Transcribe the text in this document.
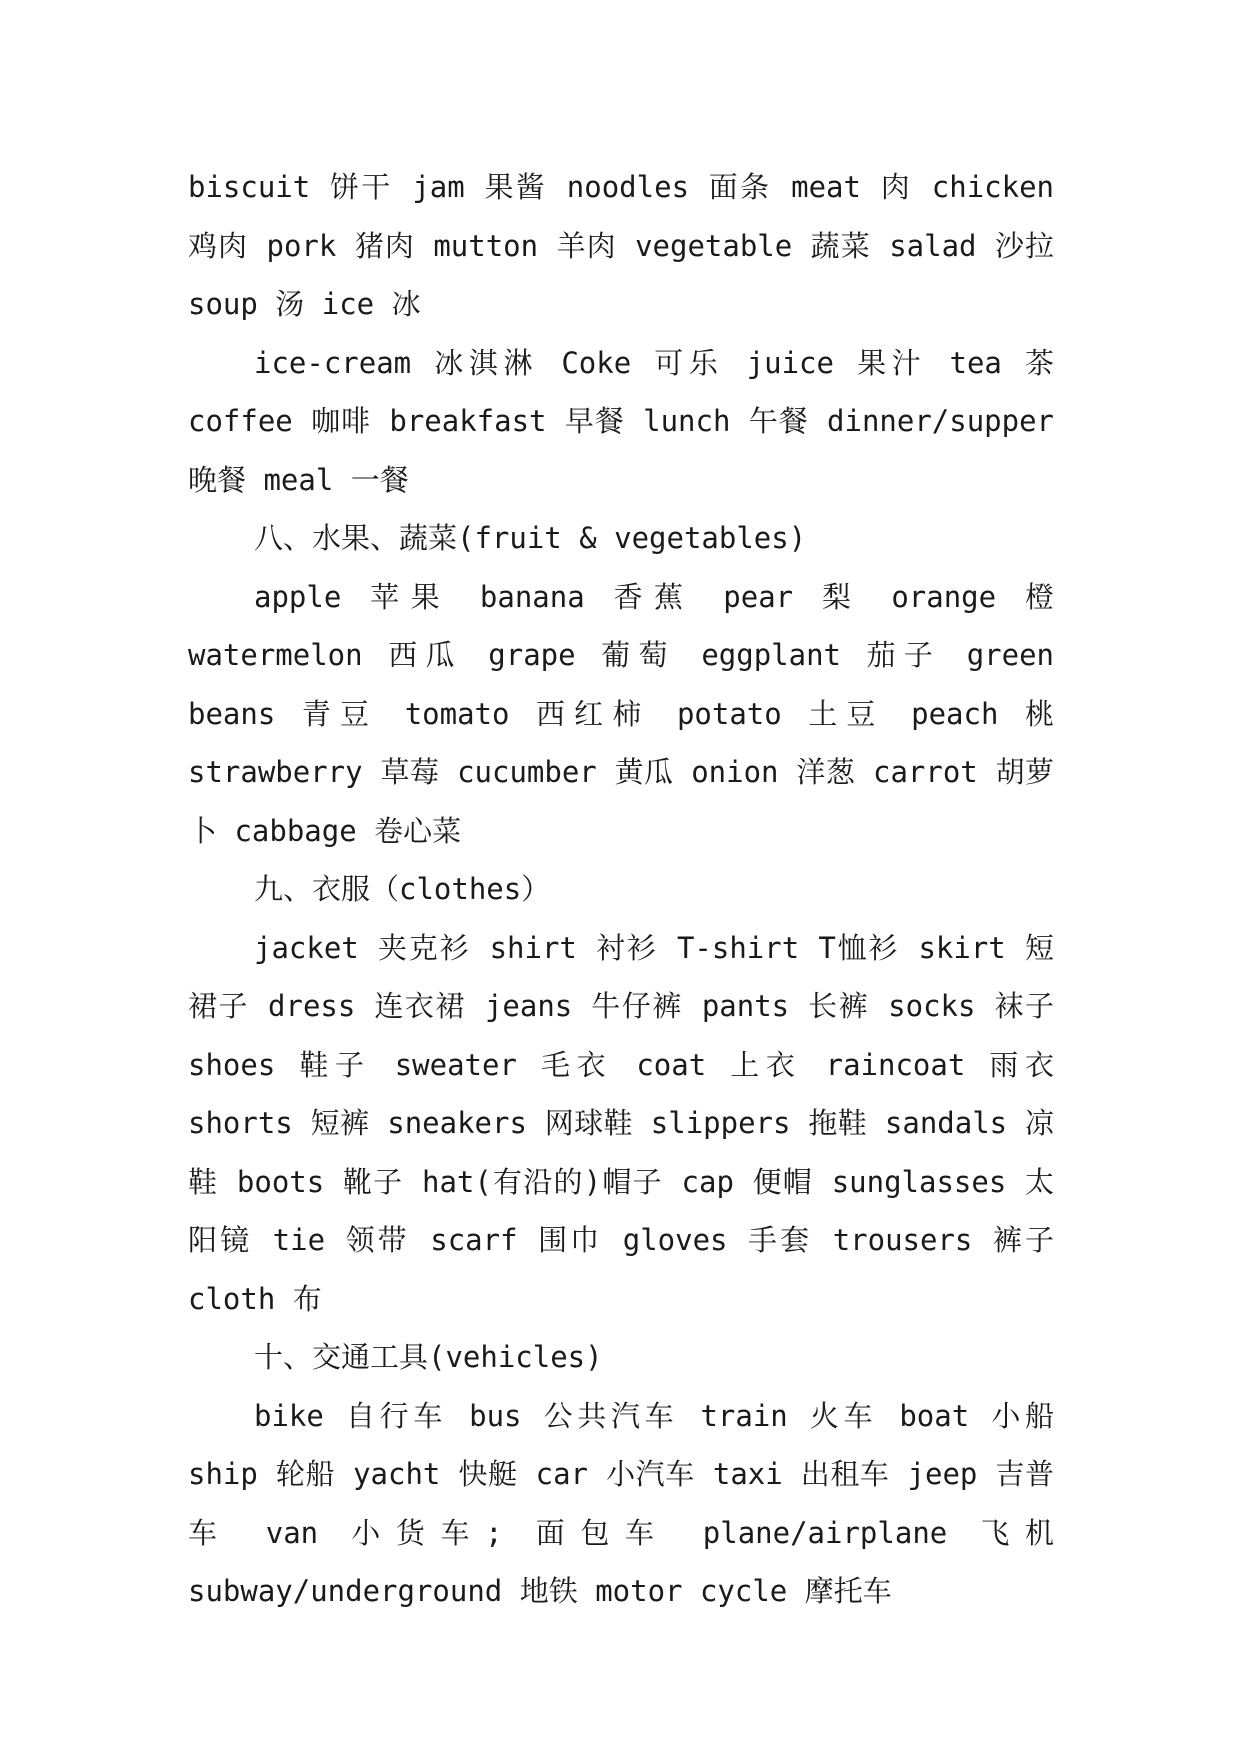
biscuit 饼干 jam 果酱 noodles 面条 meat 肉 chicken 鸡肉 pork 猪肉 mutton 羊肉 vegetable 蔬菜 salad 沙拉 soup 汤 ice 冰

ice-cream 冰淇淋 Coke 可乐 juice 果汁 tea 茶 coffee 咖啡 breakfast 早餐 lunch 午餐 dinner/supper 晚餐 meal 一餐

八、水果、蔬菜(fruit & vegetables)

apple 苹果 banana 香蕉 pear 梨 orange 橙 watermelon 西瓜 grape 葡萄 eggplant 茄子 green beans 青豆 tomato 西红柿 potato 土豆 peach 桃 strawberry 草莓 cucumber 黄瓜 onion 洋葱 carrot 胡萝卜 cabbage 卷心菜

九、衣服（clothes）

jacket 夹克衫 shirt 衬衫 T-shirt T恤衫 skirt 短裙子 dress 连衣裙 jeans 牛仔裤 pants 长裤 socks 袜子 shoes 鞋子 sweater 毛衣 coat 上衣 raincoat 雨衣 shorts 短裤 sneakers 网球鞋 slippers 拖鞋 sandals 凉鞋 boots 靴子 hat(有沿的)帽子 cap 便帽 sunglasses 太阳镜 tie 领带 scarf 围巾 gloves 手套 trousers 裤子 cloth 布

十、交通工具(vehicles)

bike 自行车 bus 公共汽车 train 火车 boat 小船 ship 轮船 yacht 快艇 car 小汽车 taxi 出租车 jeep 吉普车 van 小货车; 面包车 plane/airplane 飞机 subway/underground 地铁 motor cycle 摩托车
